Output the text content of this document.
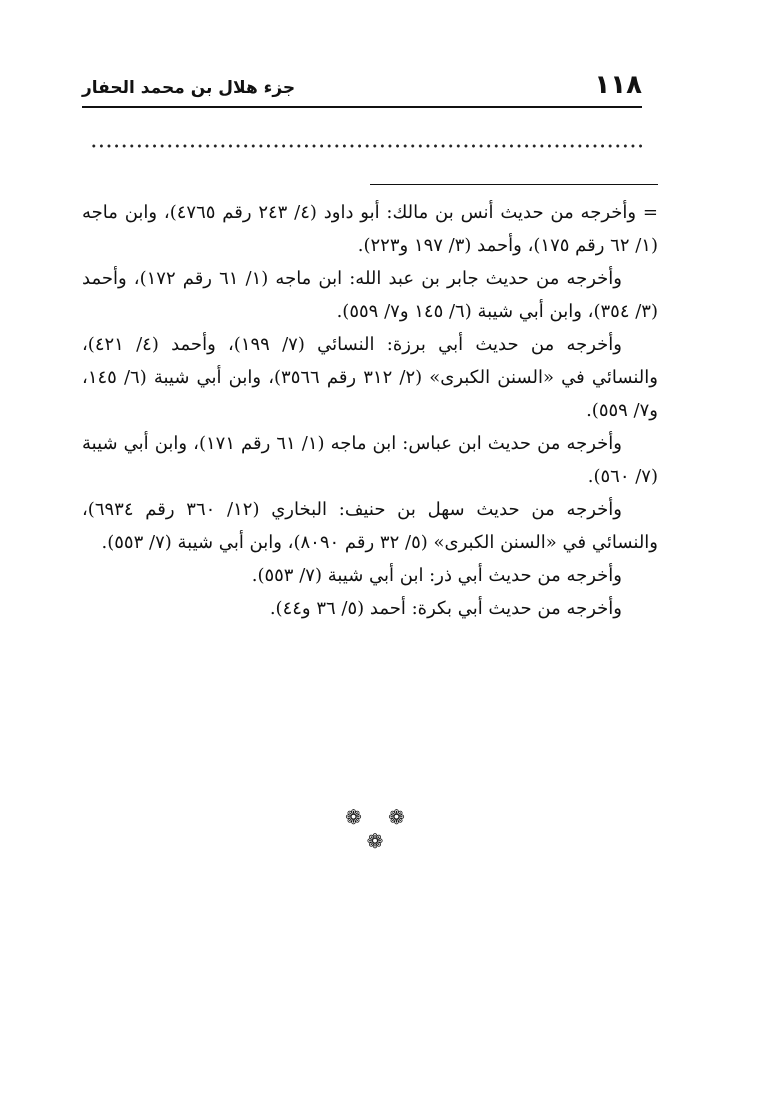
١١٨
جزء هلال بن محمد الحفار

= وأخرجه من حديث أنس بن مالك: أبو داود (٤/ ٢٤٣ رقم ٤٧٦٥)، وابن ماجه (١/ ٦٢ رقم ١٧٥)، وأحمد (٣/ ١٩٧ و٢٢٣).

وأخرجه من حديث جابر بن عبد الله: ابن ماجه (١/ ٦١ رقم ١٧٢)، وأحمد (٣/ ٣٥٤)، وابن أبي شيبة (٦/ ١٤٥ و٧/ ٥٥٩).

وأخرجه من حديث أبي برزة: النسائي (٧/ ١٩٩)، وأحمد (٤/ ٤٢١)، والنسائي في «السنن الكبرى» (٢/ ٣١٢ رقم ٣٥٦٦)، وابن أبي شيبة (٦/ ١٤٥، و٧/ ٥٥٩).

وأخرجه من حديث ابن عباس: ابن ماجه (١/ ٦١ رقم ١٧١)، وابن أبي شيبة (٧/ ٥٦٠).

وأخرجه من حديث سهل بن حنيف: البخاري (١٢/ ٣٦٠ رقم ٦٩٣٤)، والنسائي في «السنن الكبرى» (٥/ ٣٢ رقم ٨٠٩٠)، وابن أبي شيبة (٧/ ٥٥٣).

وأخرجه من حديث أبي ذر: ابن أبي شيبة (٧/ ٥٥٣).

وأخرجه من حديث أبي بكرة: أحمد (٥/ ٣٦ و٤٤).

❁ ❁ ❁
